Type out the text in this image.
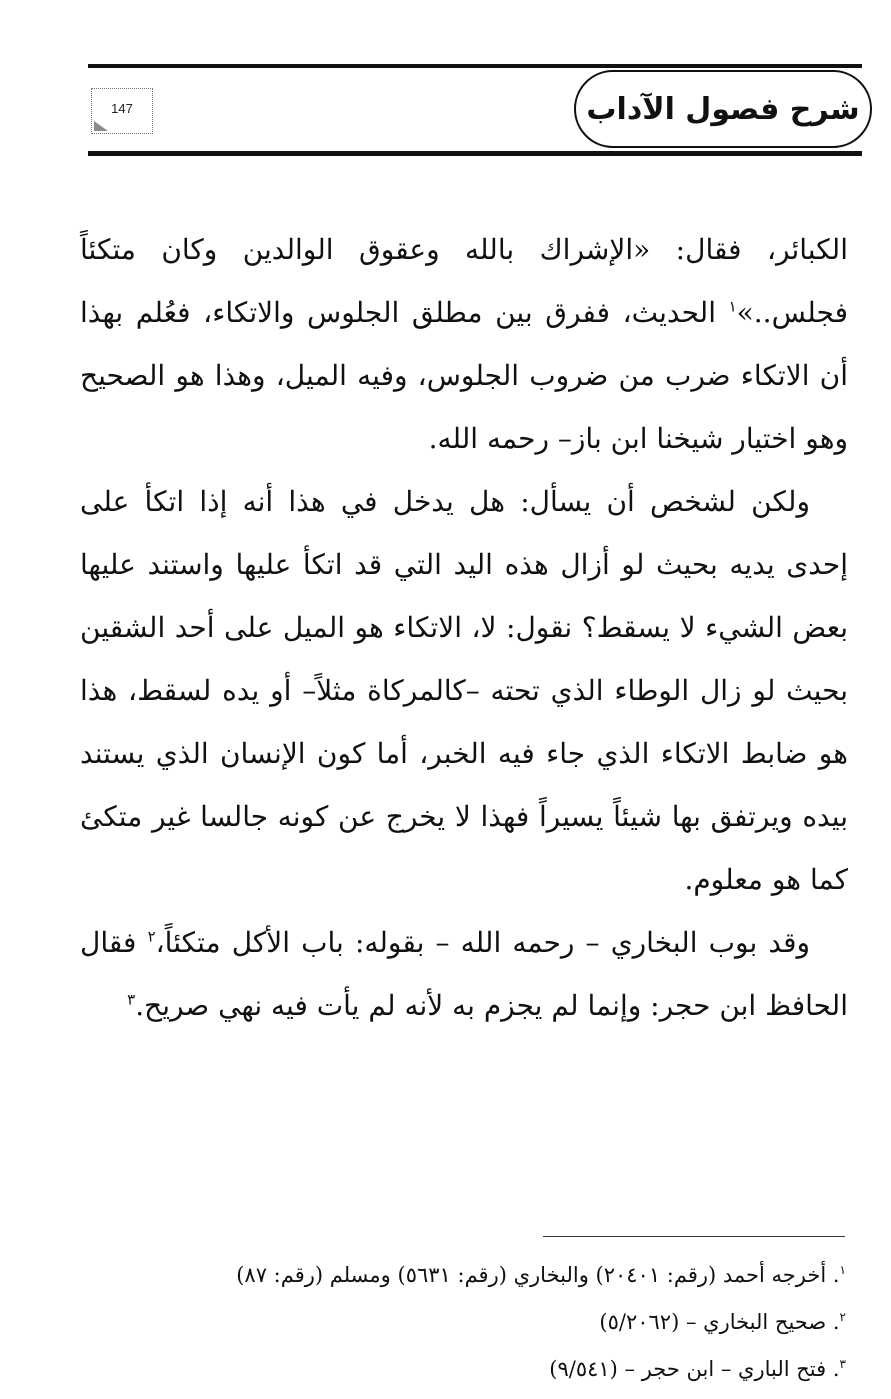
شرح فصول الآداب
147

الكبائر، فقال: «الإشراك بالله وعقوق الوالدين وكان متكئاً فجلس..»$^١$ الحديث، ففرق بين مطلق الجلوس والاتكاء، فعُلم بهذا أن الاتكاء ضرب من ضروب الجلوس، وفيه الميل، وهذا هو الصحيح وهو اختيار شيخنا ابن باز– رحمه الله.

ولكن لشخص أن يسأل: هل يدخل في هذا أنه إذا اتكأ على إحدى يديه بحيث لو أزال هذه اليد التي قد اتكأ عليها واستند عليها بعض الشيء لا يسقط؟ نقول: لا، الاتكاء هو الميل على أحد الشقين بحيث لو زال الوطاء الذي تحته –كالمركاة مثلاً– أو يده لسقط، هذا هو ضابط الاتكاء الذي جاء فيه الخبر، أما كون الإنسان الذي يستند بيده ويرتفق بها شيئاً يسيراً فهذا لا يخرج عن كونه جالسا غير متكئ كما هو معلوم.

وقد بوب البخاري – رحمه الله – بقوله: باب الأكل متكئاً،$^٢$ فقال الحافظ ابن حجر: وإنما لم يجزم به لأنه لم يأت فيه نهي صريح.$^٣$

$^١$. أخرجه أحمد (رقم: ٢٠٤٠١) والبخاري (رقم: ٥٦٣١) ومسلم (رقم: ٨٧)
$^٢$. صحيح البخاري – (٥/٢٠٦٢)
$^٣$. فتح الباري – ابن حجر – (٩/٥٤١)
